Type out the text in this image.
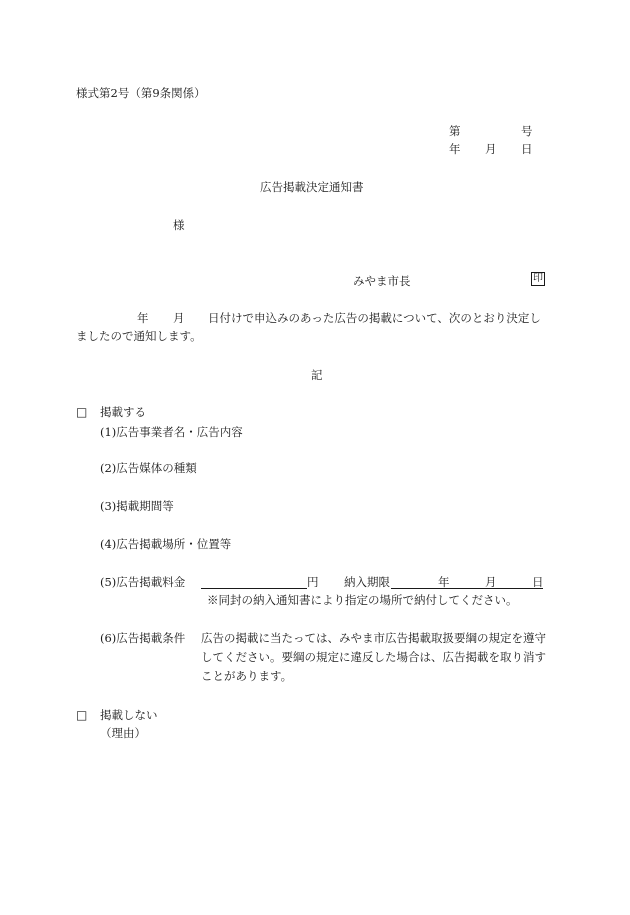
様式第2号（第9条関係）
第	号
年 月 日
広告掲載決定通知書
様
みやま市長	印
年 月 日付けで申込みのあった広告の掲載について、次のとおり決定し
ましたので通知します。
記
□ 掲載する
(1)広告事業者名・広告内容
(2)広告媒体の種類
(3)掲載期間等
(4)広告掲載場所・位置等
(5)広告掲載料金	円 納入期限	年	月	日
※同封の納入通知書により指定の場所で納付してください。
(6)広告掲載条件 広告の掲載に当たっては、みやま市広告掲載取扱要綱の規定を遵守
してください。要綱の規定に違反した場合は、広告掲載を取り消す
ことがあります。
□ 掲載しない
（理由）
